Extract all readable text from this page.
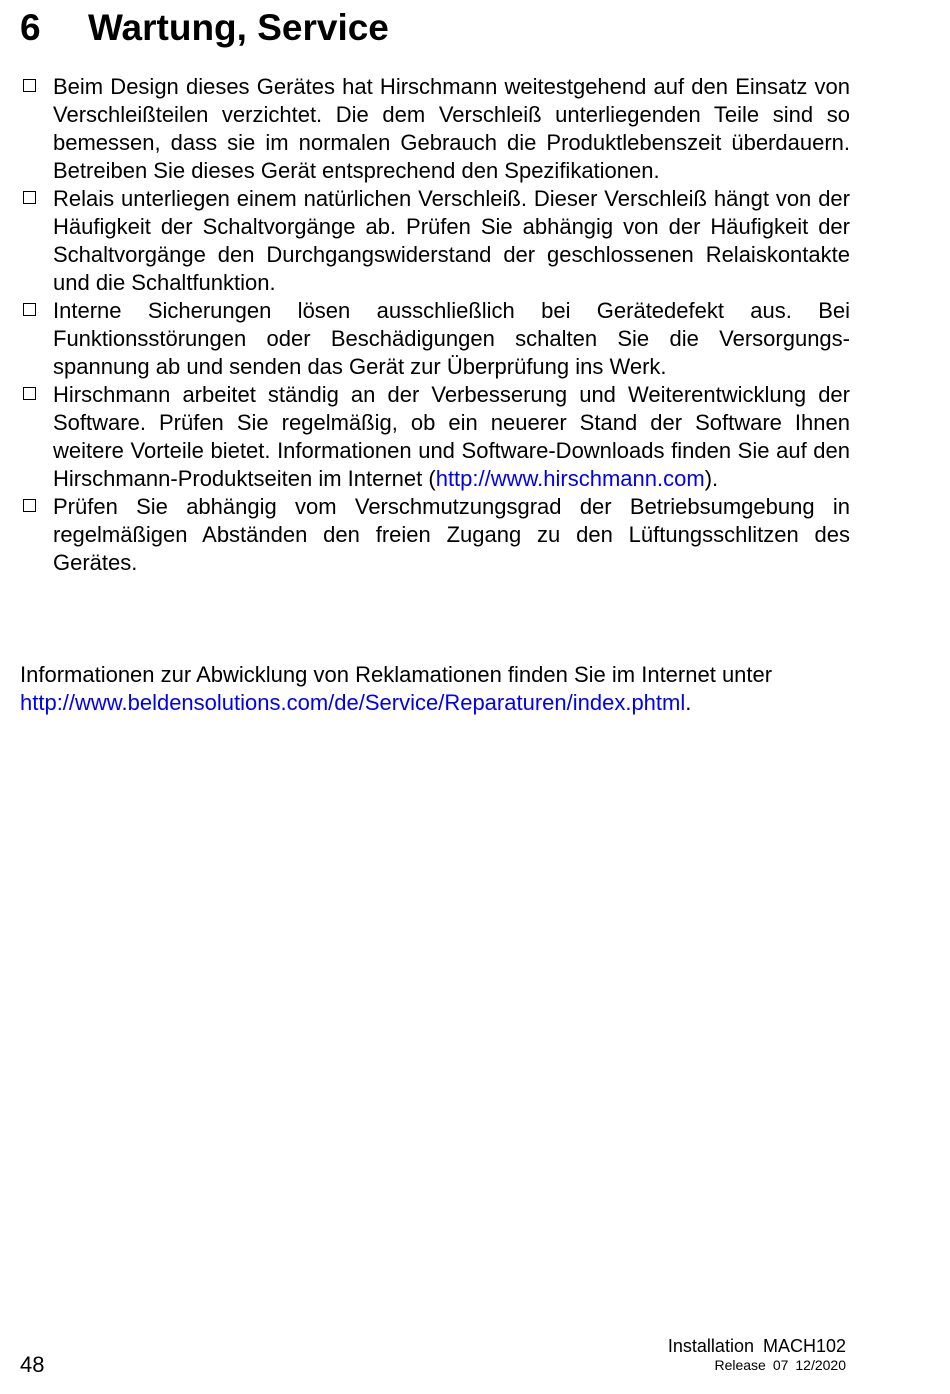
6 Wartung, Service
Beim Design dieses Gerätes hat Hirschmann weitestgehend auf den Einsatz von Verschleißteilen verzichtet. Die dem Verschleiß unterliegenden Teile sind so bemessen, dass sie im normalen Gebrauch die Produktlebenszeit überdauern. Betreiben Sie dieses Gerät entsprechend den Spezifikationen.
Relais unterliegen einem natürlichen Verschleiß. Dieser Verschleiß hängt von der Häufigkeit der Schaltvorgänge ab. Prüfen Sie abhängig von der Häufigkeit der Schaltvorgänge den Durchgangswiderstand der geschlossenen Relaiskontakte und die Schaltfunktion.
Interne Sicherungen lösen ausschließlich bei Gerätedefekt aus. Bei Funktionsstörungen oder Beschädigungen schalten Sie die Versorgungsspannung ab und senden das Gerät zur Überprüfung ins Werk.
Hirschmann arbeitet ständig an der Verbesserung und Weiterentwicklung der Software. Prüfen Sie regelmäßig, ob ein neuerer Stand der Software Ihnen weitere Vorteile bietet. Informationen und Software-Downloads finden Sie auf den Hirschmann-Produktseiten im Internet (http://​www.hirschmann.com).
Prüfen Sie abhängig vom Verschmutzungsgrad der Betriebsumgebung in regelmäßigen Abständen den freien Zugang zu den Lüftungsschlitzen des Gerätes.

Informationen zur Abwicklung von Reklamationen finden Sie im Internet unter http://www.beldensolutions.com/de/Service/Reparaturen/index.phtml.

48
Installation MACH102
Release 07 12/2020
